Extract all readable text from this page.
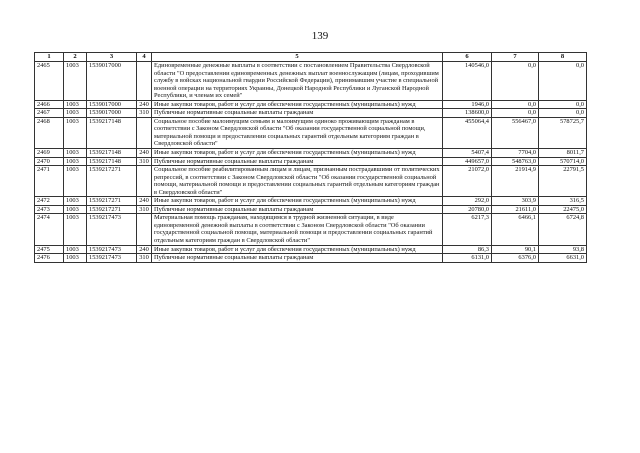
139
1	2	3	4	5	6	7	8
2465	1003	1539017000		Единовременные денежные выплаты в соответствии с постановлением Правительства Свердловской области "О предоставлении единовременных денежных выплат военнослужащим (лицам, проходившим службу в войсках национальной гвардии Российской Федерации), принимавшим участие в специальной военной операции на территориях Украины, Донецкой Народной Республики и Луганской Народной Республики, и членам их семей"	140546,0	0,0	0,0
2466	1003	1539017000	240	Иные закупки товаров, работ и услуг для обеспечения государственных (муниципальных) нужд	1946,0	0,0	0,0
2467	1003	1539017000	310	Публичные нормативные социальные выплаты гражданам	138600,0	0,0	0,0
2468	1003	1539217148		Социальное пособие малоимущим семьям и малоимущим одиноко проживающим гражданам в соответствии с Законом Свердловской области "Об оказании государственной социальной помощи, материальной помощи и предоставлении социальных гарантий отдельным категориям граждан в Свердловской области"	455064,4	556467,0	578725,7
2469	1003	1539217148	240	Иные закупки товаров, работ и услуг для обеспечения государственных (муниципальных) нужд	5407,4	7704,0	8011,7
2470	1003	1539217148	310	Публичные нормативные социальные выплаты гражданам	449657,0	548763,0	570714,0
2471	1003	1539217271		Социальное пособие реабилитированным лицам и лицам, признанным пострадавшими от политических репрессий, в соответствии с Законом Свердловской области "Об оказании государственной социальной помощи, материальной помощи и предоставлении социальных гарантий отдельным категориям граждан в Свердловской области"	21072,0	21914,9	22791,5
2472	1003	1539217271	240	Иные закупки товаров, работ и услуг для обеспечения государственных (муниципальных) нужд	292,0	303,9	316,5
2473	1003	1539217271	310	Публичные нормативные социальные выплаты гражданам	20780,0	21611,0	22475,0
2474	1003	1539217473		Материальная помощь гражданам, находящимся в трудной жизненной ситуации, в виде единовременной денежной выплаты в соответствии с Законом Свердловской области "Об оказании государственной социальной помощи, материальной помощи и предоставлении социальных гарантий отдельным категориям граждан в Свердловской области"	6217,3	6466,1	6724,8
2475	1003	1539217473	240	Иные закупки товаров, работ и услуг для обеспечения государственных (муниципальных) нужд	86,3	90,1	93,8
2476	1003	1539217473	310	Публичные нормативные социальные выплаты гражданам	6131,0	6376,0	6631,0
